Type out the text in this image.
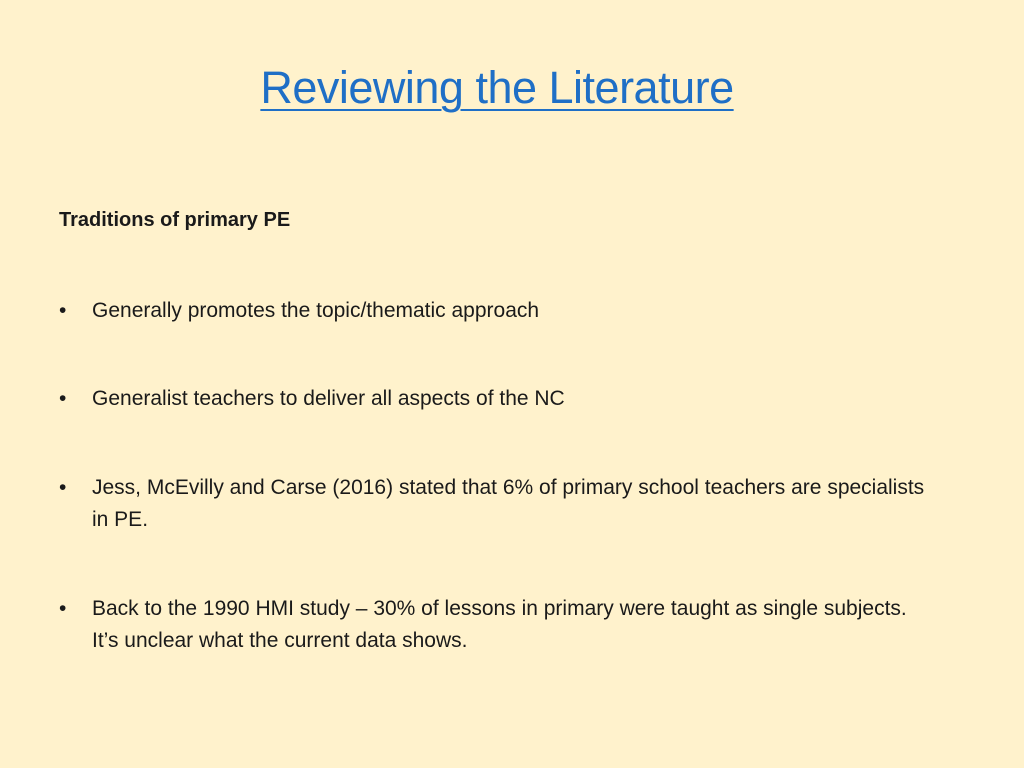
Reviewing the Literature

Traditions of primary PE

•	Generally promotes the topic/thematic approach
•	Generalist teachers to deliver all aspects of the NC
•	Jess, McEvilly and Carse (2016) stated that 6% of primary school teachers are specialists in PE.
•	Back to the 1990 HMI study – 30% of lessons in primary were taught as single subjects. It’s unclear what the current data shows.
